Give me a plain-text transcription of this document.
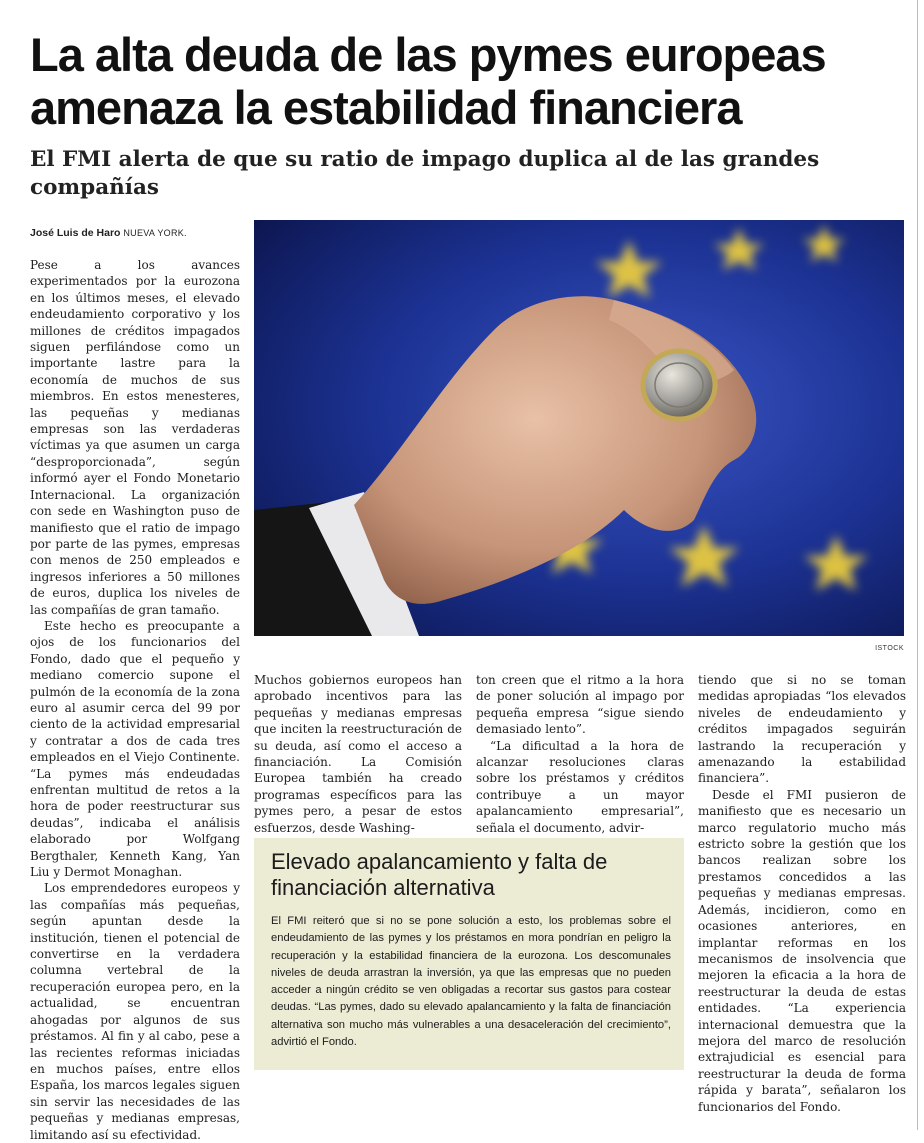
La alta deuda de las pymes europeas amenaza la estabilidad financiera
El FMI alerta de que su ratio de impago duplica al de las grandes compañías
José Luis de Haro NUEVA YORK.

Pese a los avances experimentados por la eurozona en los últimos meses, el elevado endeudamiento corporativo y los millones de créditos impagados siguen perfilándose como un importante lastre para la economía de muchos de sus miembros. En estos menesteres, las pequeñas y medianas empresas son las verdaderas víctimas ya que asumen un carga “desproporcionada”, según informó ayer el Fondo Monetario Internacional. La organización con sede en Washington puso de manifiesto que el ratio de impago por parte de las pymes, empresas con menos de 250 empleados e ingresos inferiores a 50 millones de euros, duplica los niveles de las compañías de gran tamaño.

Este hecho es preocupante a ojos de los funcionarios del Fondo, dado que el pequeño y mediano comercio supone el pulmón de la economía de la zona euro al asumir cerca del 99 por ciento de la actividad empresarial y contratar a dos de cada tres empleados en el Viejo Continente. “La pymes más endeudadas enfrentan multitud de retos a la hora de poder reestructurar sus deudas”, indicaba el análisis elaborado por Wolfgang Bergthaler, Kenneth Kang, Yan Liu y Dermot Monaghan.

Los emprendedores europeos y las compañías más pequeñas, según apuntan desde la institución, tienen el potencial de convertirse en la verdadera columna vertebral de la recuperación europea pero, en la actualidad, se encuentran ahogadas por algunos de sus préstamos. Al fin y al cabo, pese a las recientes reformas iniciadas en muchos países, entre ellos España, los marcos legales siguen sin servir las necesidades de las pequeñas y medianas empresas, limitando así su efectividad.

ISTOCK

Muchos gobiernos europeos han aprobado incentivos para las pequeñas y medianas empresas que inciten la reestructuración de su deuda, así como el acceso a financiación. La Comisión Europea también ha creado programas específicos para las pymes pero, a pesar de estos esfuerzos, desde Washing-

ton creen que el ritmo a la hora de poner solución al impago por pequeña empresa “sigue siendo demasiado lento”.

“La dificultad a la hora de alcanzar resoluciones claras sobre los préstamos y créditos contribuye a un mayor apalancamiento empresarial”, señala el documento, advir-

tiendo que si no se toman medidas apropiadas “los elevados niveles de endeudamiento y créditos impagados seguirán lastrando la recuperación y amenazando la estabilidad financiera”.

Desde el FMI pusieron de manifiesto que es necesario un marco regulatorio mucho más estricto sobre la gestión que los bancos realizan sobre los prestamos concedidos a las pequeñas y medianas empresas. Además, incidieron, como en ocasiones anteriores, en implantar reformas en los mecanismos de insolvencia que mejoren la eficacia a la hora de reestructurar la deuda de estas entidades. “La experiencia internacional demuestra que la mejora del marco de resolución extrajudicial es esencial para reestructurar la deuda de forma rápida y barata”, señalaron los funcionarios del Fondo.

Elevado apalancamiento y falta de financiación alternativa
El FMI reiteró que si no se pone solución a esto, los problemas sobre el endeudamiento de las pymes y los préstamos en mora pondrían en peligro la recuperación y la estabilidad financiera de la eurozona. Los descomunales niveles de deuda arrastran la inversión, ya que las empresas que no pueden acceder a ningún crédito se ven obligadas a recortar sus gastos para costear deudas. “Las pymes, dado su elevado apalancamiento y la falta de financiación alternativa son mucho más vulnerables a una desaceleración del crecimiento”, advirtió el Fondo.
